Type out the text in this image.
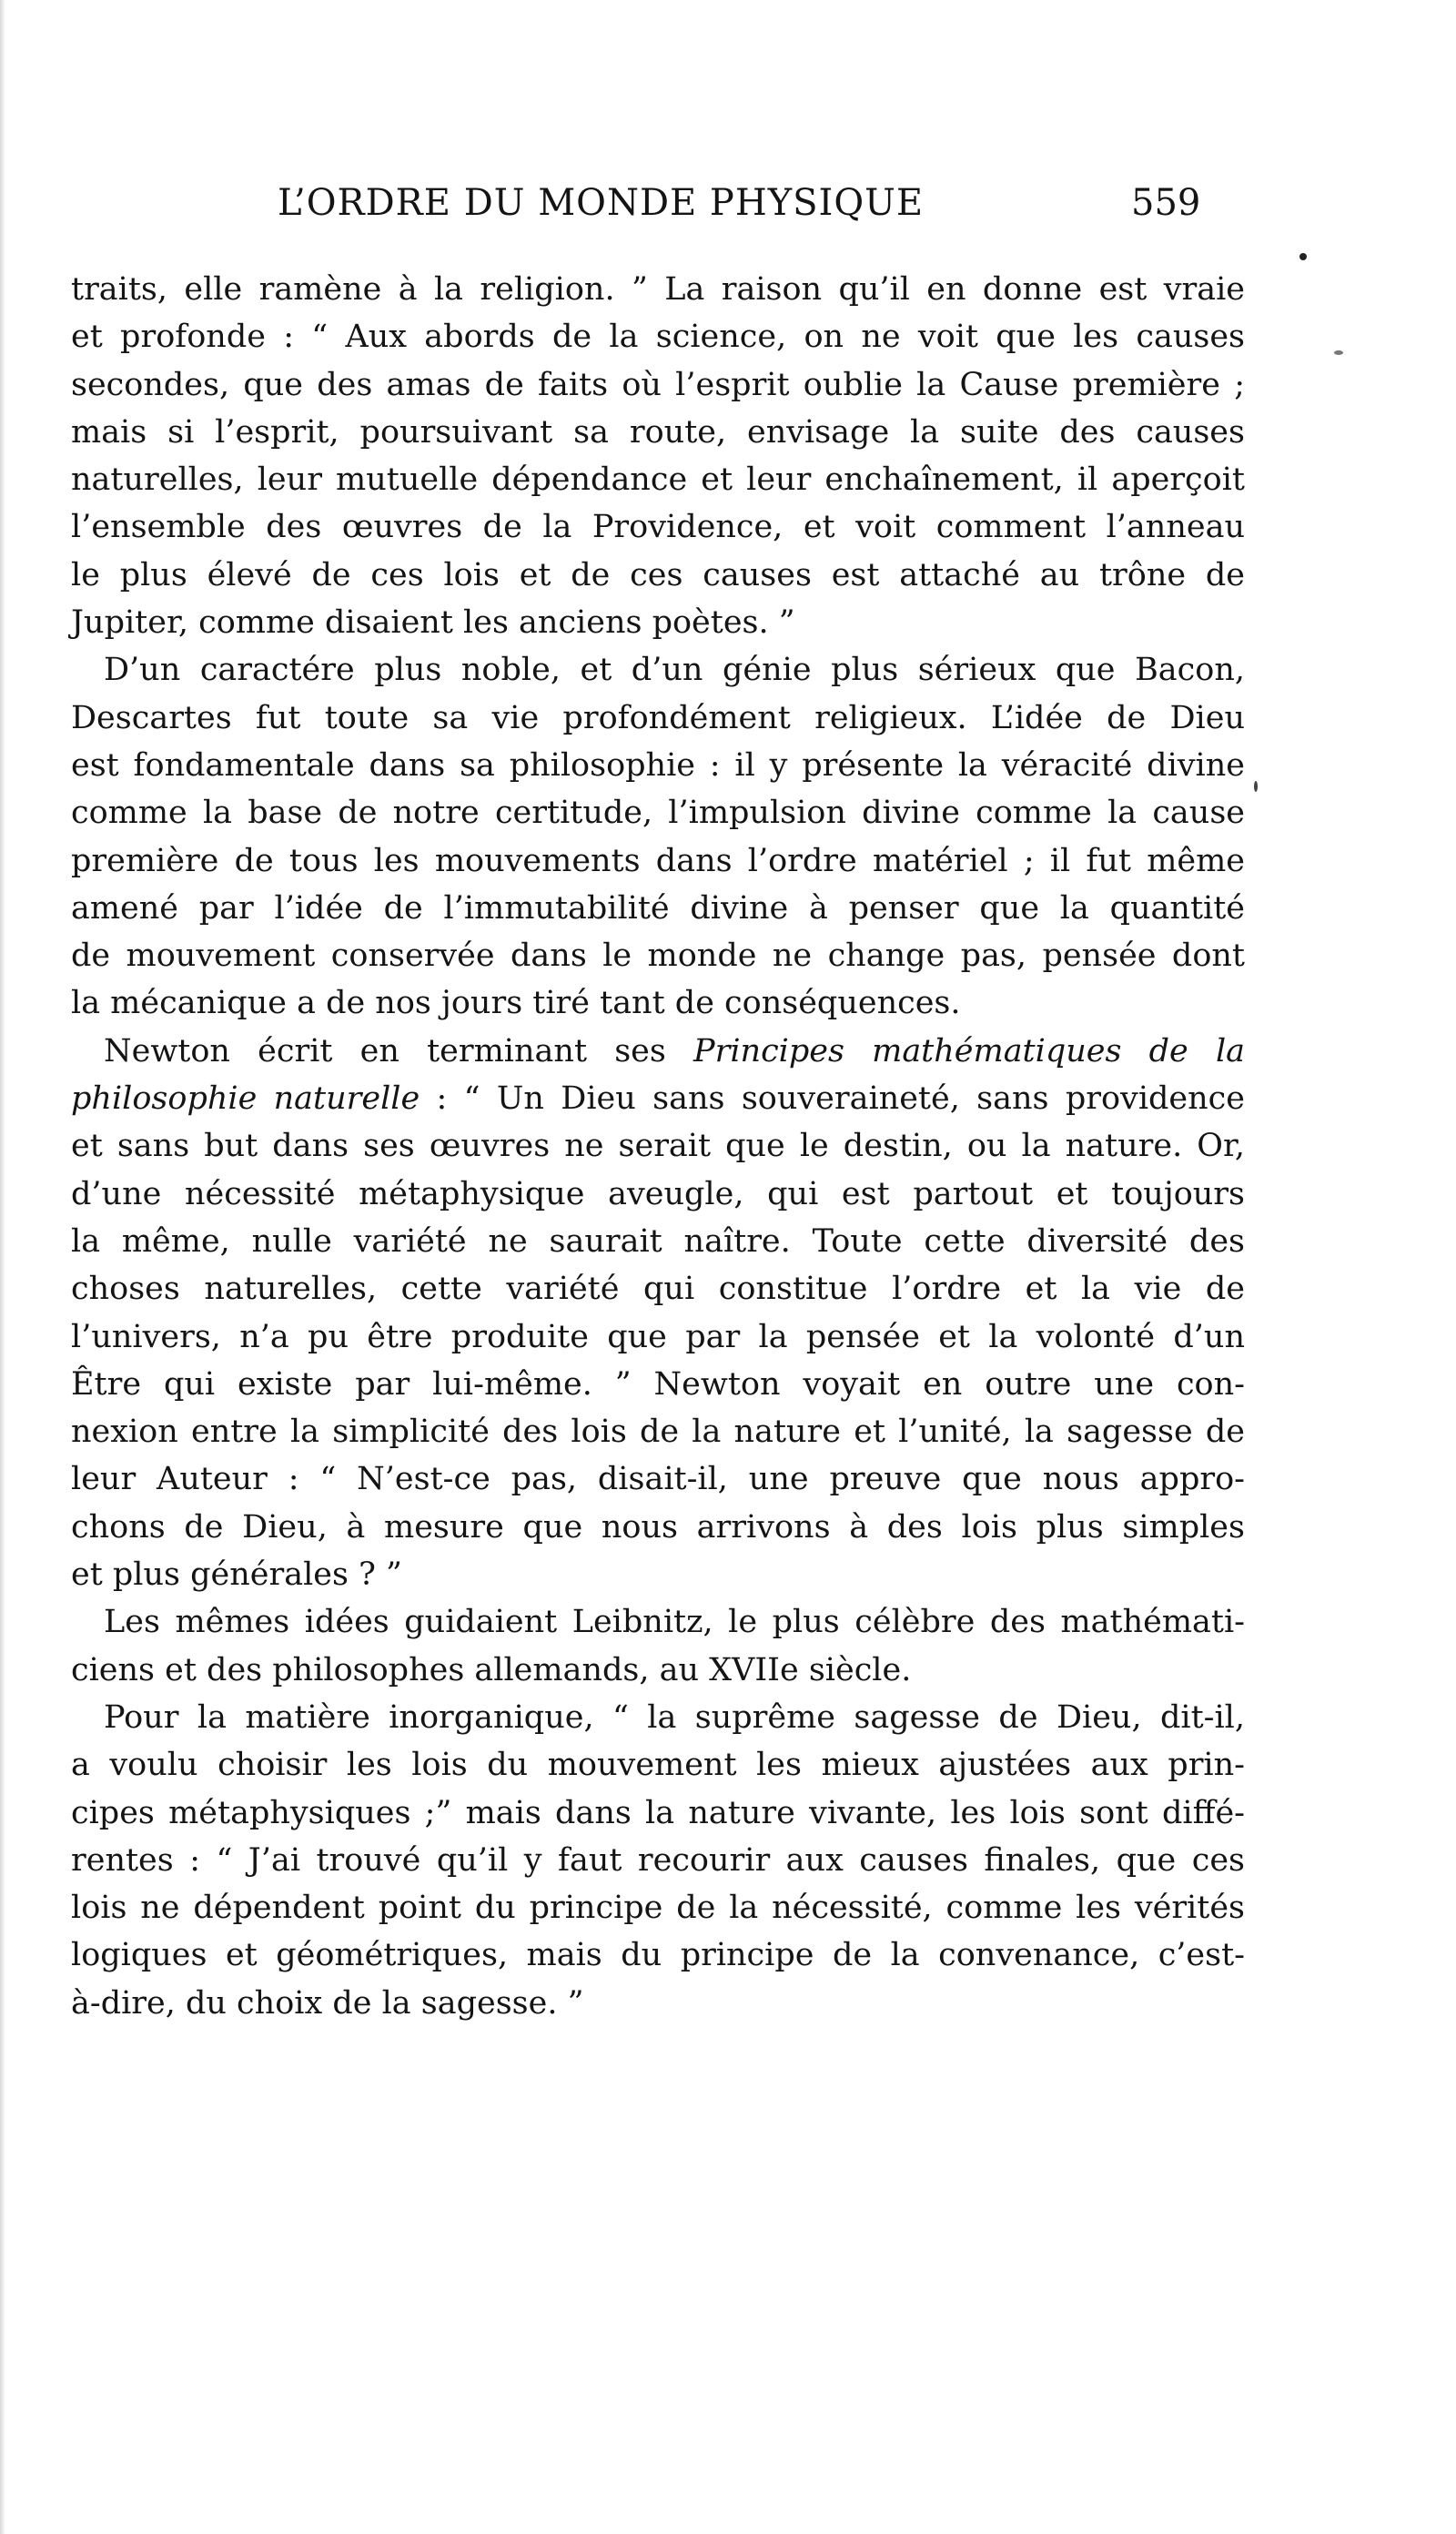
L’ORDRE DU MONDE PHYSIQUE	559
traits, elle ramène à la religion. ” La raison qu’il en donne est vraie
et profonde : “ Aux abords de la science, on ne voit que les causes
secondes, que des amas de faits où l’esprit oublie la Cause première ;
mais si l’esprit, poursuivant sa route, envisage la suite des causes
naturelles, leur mutuelle dépendance et leur enchaînement, il aperçoit
l’ensemble des œuvres de la Providence, et voit comment l’anneau
le plus élevé de ces lois et de ces causes est attaché au trône de
Jupiter, comme disaient les anciens poètes. ”
D’un caractére plus noble, et d’un génie plus sérieux que Bacon,
Descartes fut toute sa vie profondément religieux. L’idée de Dieu
est fondamentale dans sa philosophie : il y présente la véracité divine
comme la base de notre certitude, l’impulsion divine comme la cause
première de tous les mouvements dans l’ordre matériel ; il fut même
amené par l’idée de l’immutabilité divine à penser que la quantité
de mouvement conservée dans le monde ne change pas, pensée dont
la mécanique a de nos jours tiré tant de conséquences.
Newton écrit en terminant ses Principes mathématiques de la
philosophie naturelle : “ Un Dieu sans souveraineté, sans providence
et sans but dans ses œuvres ne serait que le destin, ou la nature. Or,
d’une nécessité métaphysique aveugle, qui est partout et toujours
la même, nulle variété ne saurait naître. Toute cette diversité des
choses naturelles, cette variété qui constitue l’ordre et la vie de
l’univers, n’a pu être produite que par la pensée et la volonté d’un
Être qui existe par lui-même. ” Newton voyait en outre une con-
nexion entre la simplicité des lois de la nature et l’unité, la sagesse de
leur Auteur : “ N’est-ce pas, disait-il, une preuve que nous appro-
chons de Dieu, à mesure que nous arrivons à des lois plus simples
et plus générales ? ”
Les mêmes idées guidaient Leibnitz, le plus célèbre des mathémati-
ciens et des philosophes allemands, au XVIIe siècle.
Pour la matière inorganique, “ la suprême sagesse de Dieu, dit-il,
a voulu choisir les lois du mouvement les mieux ajustées aux prin-
cipes métaphysiques ;” mais dans la nature vivante, les lois sont diffé-
rentes : “ J’ai trouvé qu’il y faut recourir aux causes finales, que ces
lois ne dépendent point du principe de la nécessité, comme les vérités
logiques et géométriques, mais du principe de la convenance, c’est-
à-dire, du choix de la sagesse. ”
